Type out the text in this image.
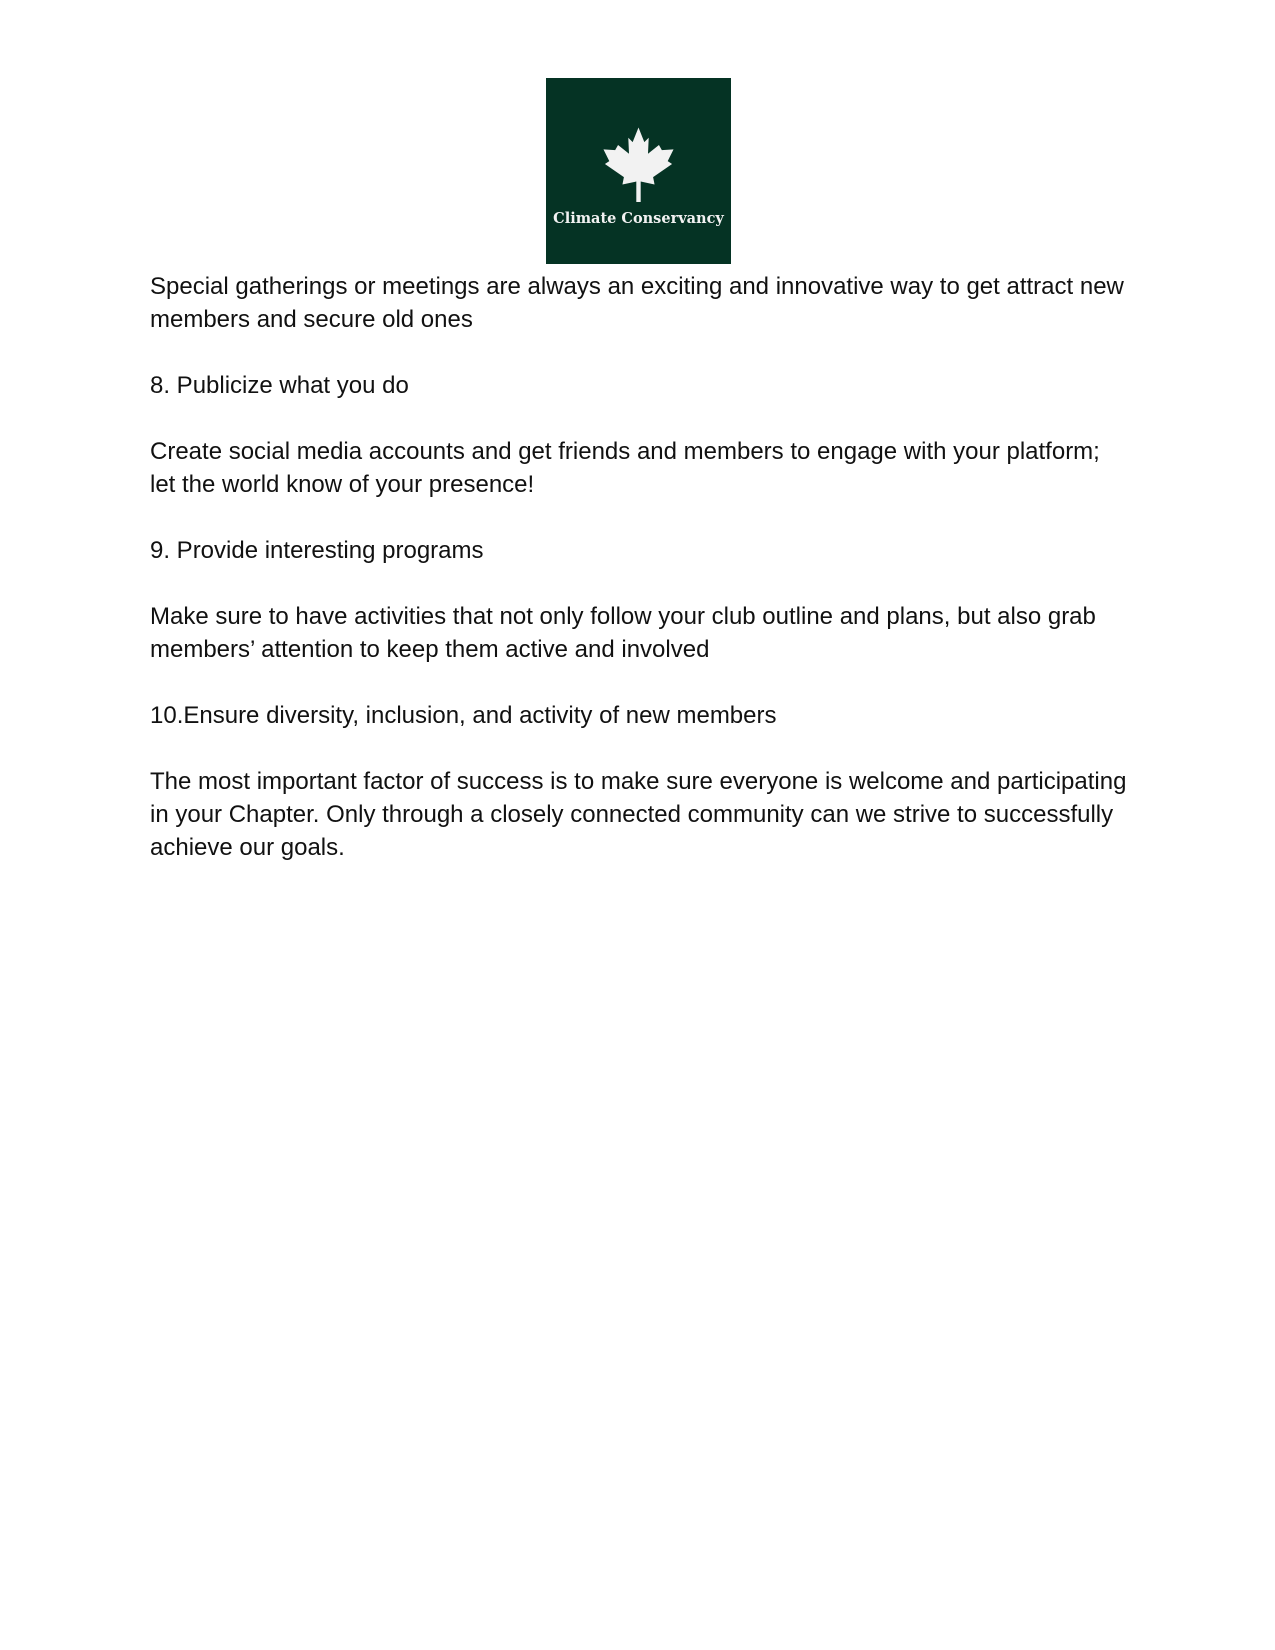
Climate Conservancy

Special gatherings or meetings are always an exciting and innovative way to get attract new members and secure old ones

8. Publicize what you do

Create social media accounts and get friends and members to engage with your platform; let the world know of your presence!

9. Provide interesting programs

Make sure to have activities that not only follow your club outline and plans, but also grab members’ attention to keep them active and involved

10.Ensure diversity, inclusion, and activity of new members

The most important factor of success is to make sure everyone is welcome and participating in your Chapter. Only through a closely connected community can we strive to successfully achieve our goals.
